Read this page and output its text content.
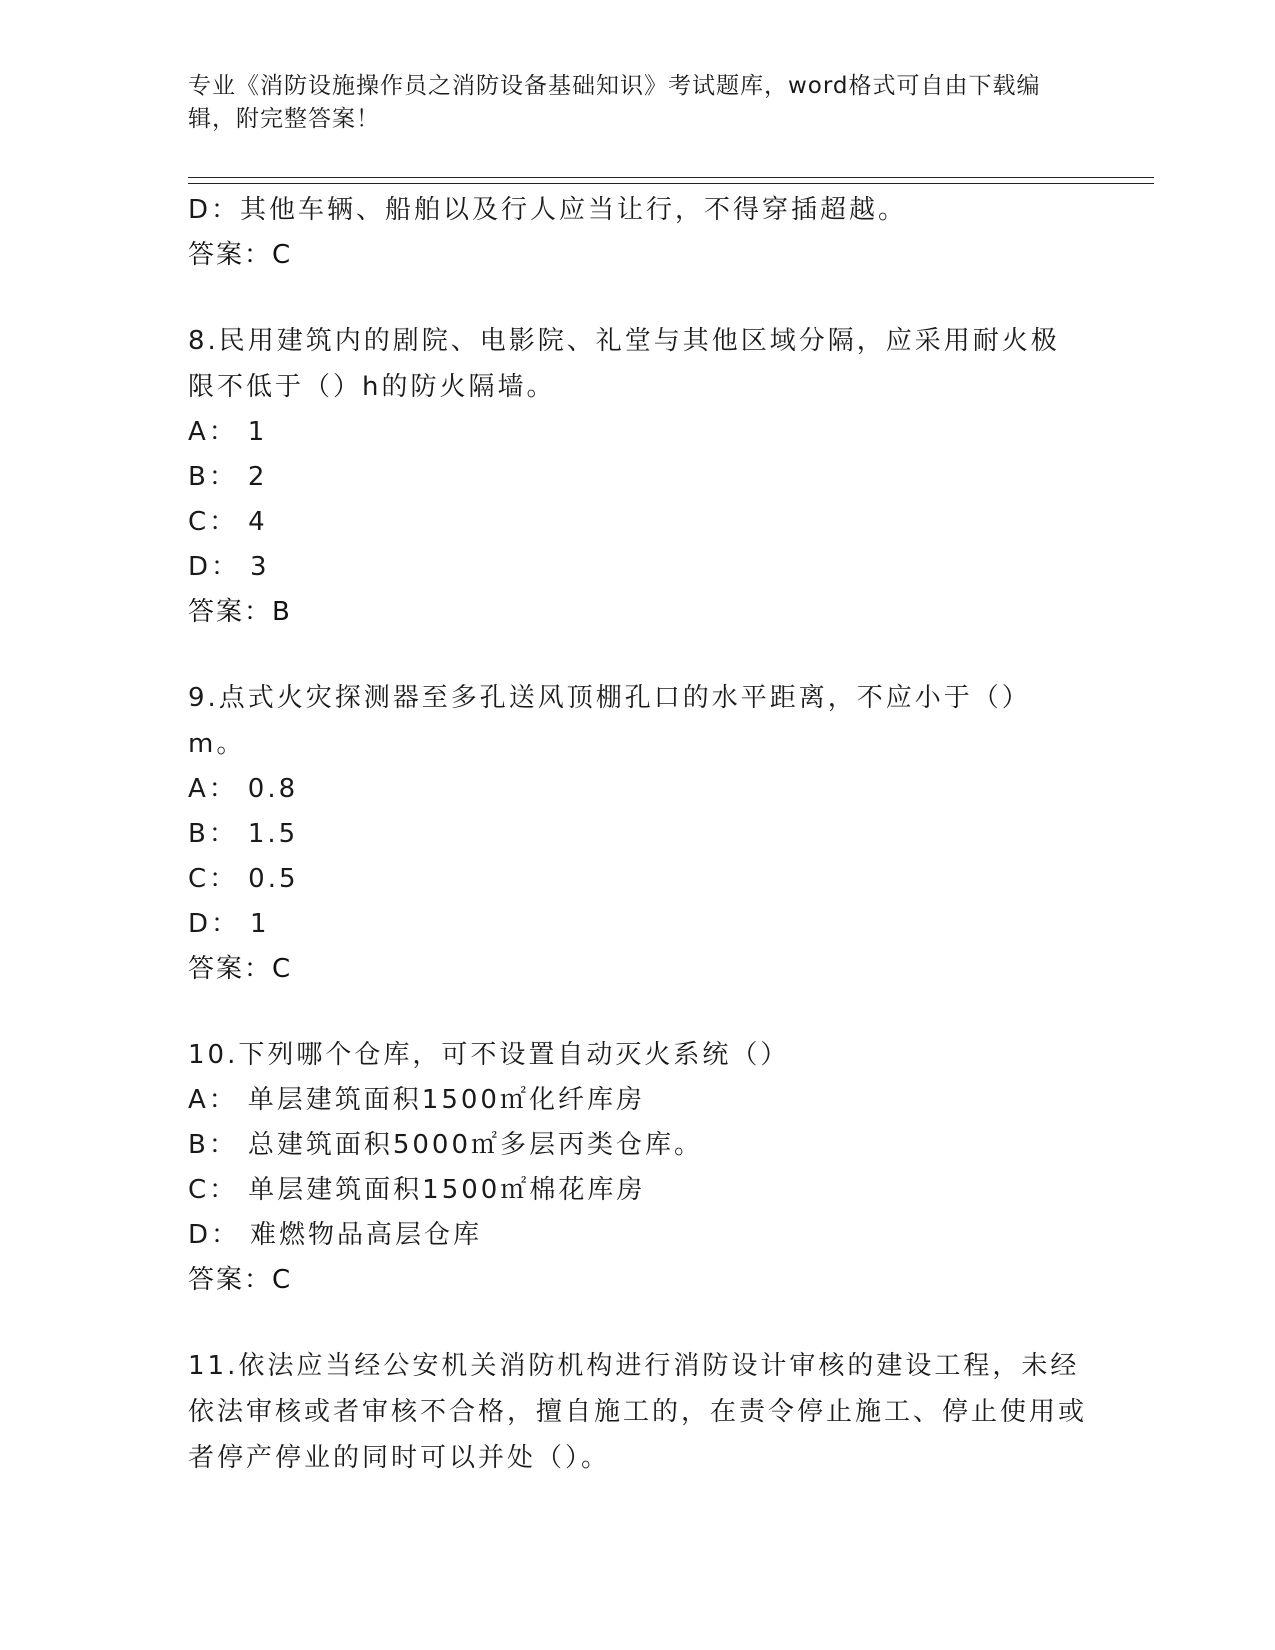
专业《消防设施操作员之消防设备基础知识》考试题库，word格式可自由下载编辑，附完整答案！
D：其他车辆、船舶以及行人应当让行，不得穿插超越。
答案：C
8.民用建筑内的剧院、电影院、礼堂与其他区域分隔，应采用耐火极限不低于（）h的防火隔墙。
A： 1
B： 2
C： 4
D： 3
答案：B
9.点式火灾探测器至多孔送风顶棚孔口的水平距离，不应小于（）m。
A： 0.8
B： 1.5
C： 0.5
D： 1
答案：C
10.下列哪个仓库，可不设置自动灭火系统（）
A： 单层建筑面积1500㎡化纤库房
B： 总建筑面积5000㎡多层丙类仓库。
C： 单层建筑面积1500㎡棉花库房
D： 难燃物品高层仓库
答案：C
11.依法应当经公安机关消防机构进行消防设计审核的建设工程，未经依法审核或者审核不合格，擅自施工的，在责令停止施工、停止使用或者停产停业的同时可以并处（）。
